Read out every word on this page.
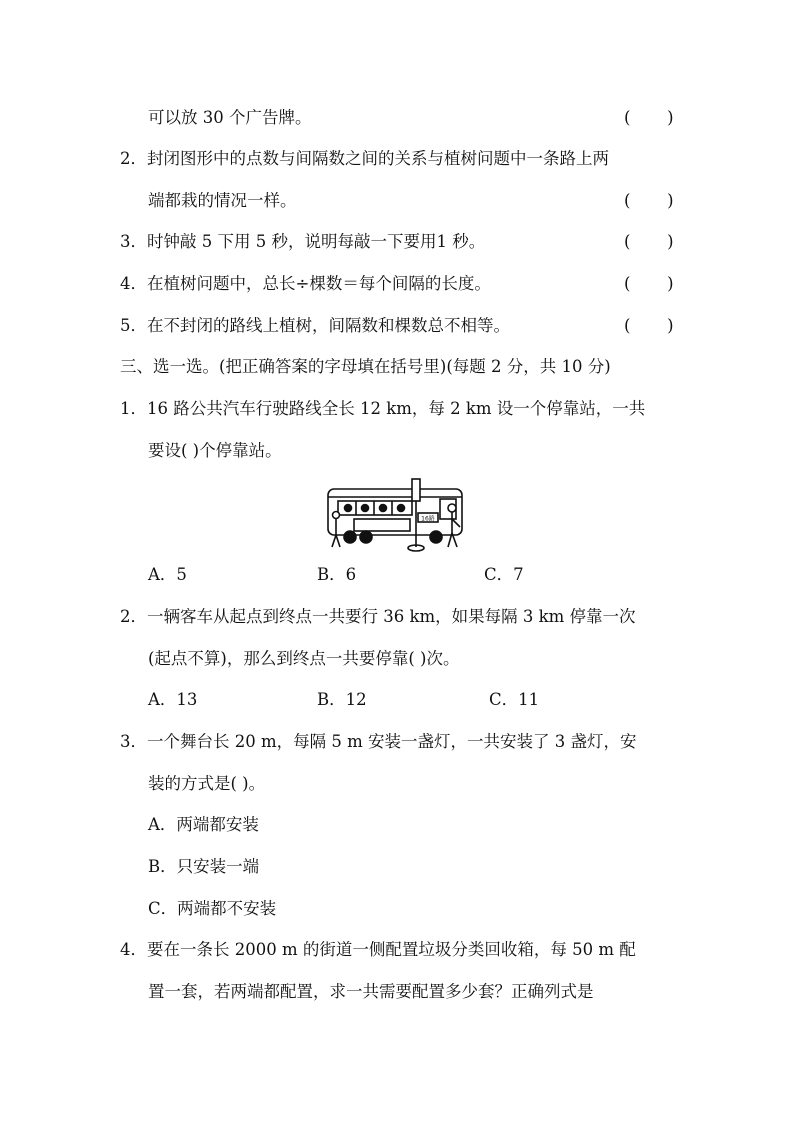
可以放 30 个广告牌。	(       )
2．封闭图形中的点数与间隔数之间的关系与植树问题中一条路上两
端都栽的情况一样。	(       )
3．时钟敲 5 下用 5 秒，说明每敲一下要用1 秒。	(       )
4．在植树问题中，总长÷棵数＝每个间隔的长度。	(       )
5．在不封闭的路线上植树，间隔数和棵数总不相等。	(       )
三、选一选。(把正确答案的字母填在括号里)(每题 2 分，共 10 分)
1．16 路公共汽车行驶路线全长 12 km，每 2 km 设一个停靠站，一共
要设( )个停靠站。
16路
A．5	B．6	C．7
2．一辆客车从起点到终点一共要行 36 km，如果每隔 3 km 停靠一次
(起点不算)，那么到终点一共要停靠( )次。
A．13	B．12	C．11
3．一个舞台长 20 m，每隔 5 m 安装一盏灯，一共安装了 3 盏灯，安
装的方式是( )。
A．两端都安装
B．只安装一端
C．两端都不安装
4．要在一条长 2000 m 的街道一侧配置垃圾分类回收箱，每 50 m 配
置一套，若两端都配置，求一共需要配置多少套？正确列式是
